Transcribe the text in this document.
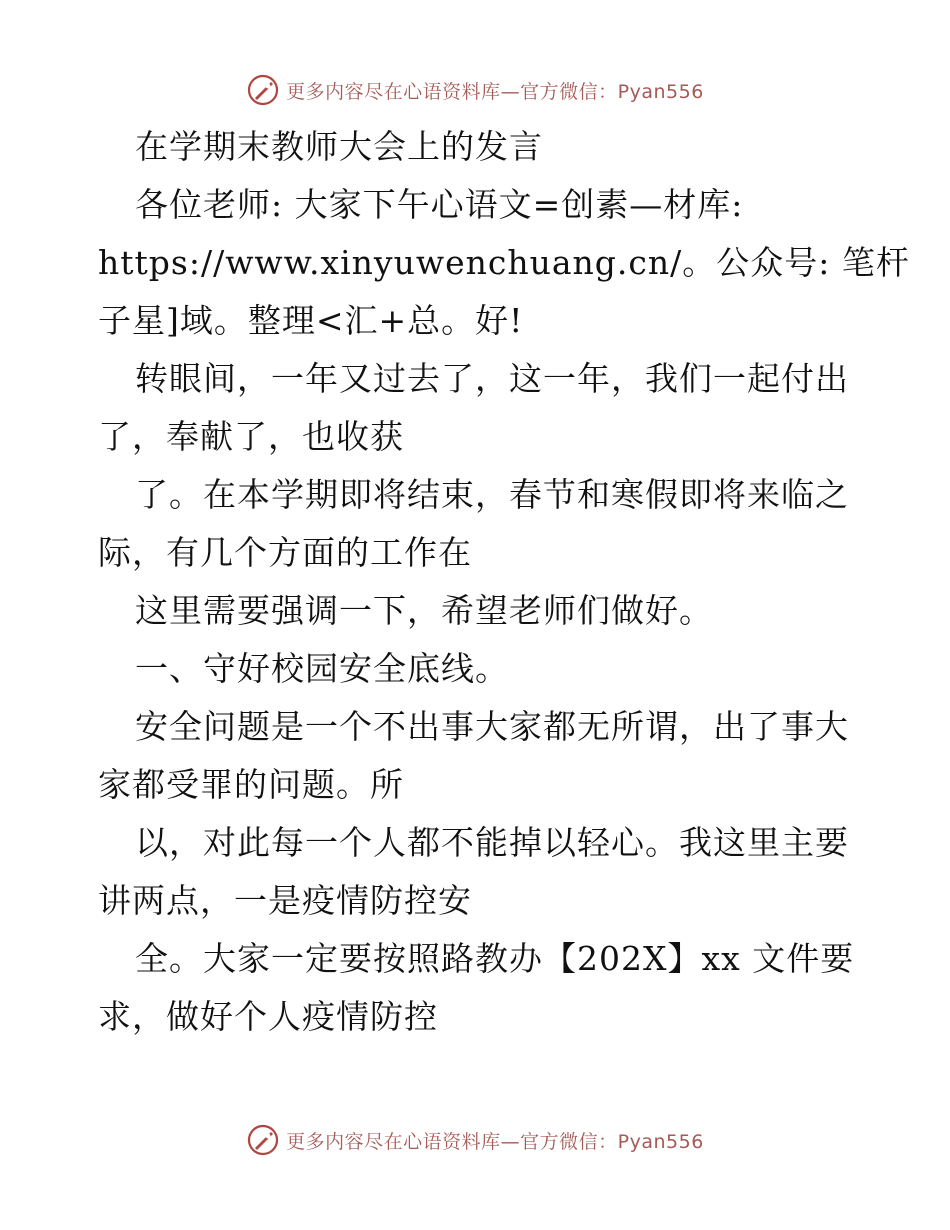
更多内容尽在心语资料库—官方微信：Pyan556
在学期末教师大会上的发言
各位老师: 大家下午心语文=创素—材库:
https://www.xinyuwenchuang.cn/。公众号: 笔杆
子星]域。整理<汇+总。好!
转眼间，一年又过去了，这一年，我们一起付出
了，奉献了，也收获
了。在本学期即将结束，春节和寒假即将来临之
际，有几个方面的工作在
这里需要强调一下，希望老师们做好。
一、守好校园安全底线。
安全问题是一个不出事大家都无所谓，出了事大
家都受罪的问题。所
以，对此每一个人都不能掉以轻心。我这里主要
讲两点，一是疫情防控安
全。大家一定要按照路教办【202X】xx 文件要
求，做好个人疫情防控
更多内容尽在心语资料库—官方微信：Pyan556
